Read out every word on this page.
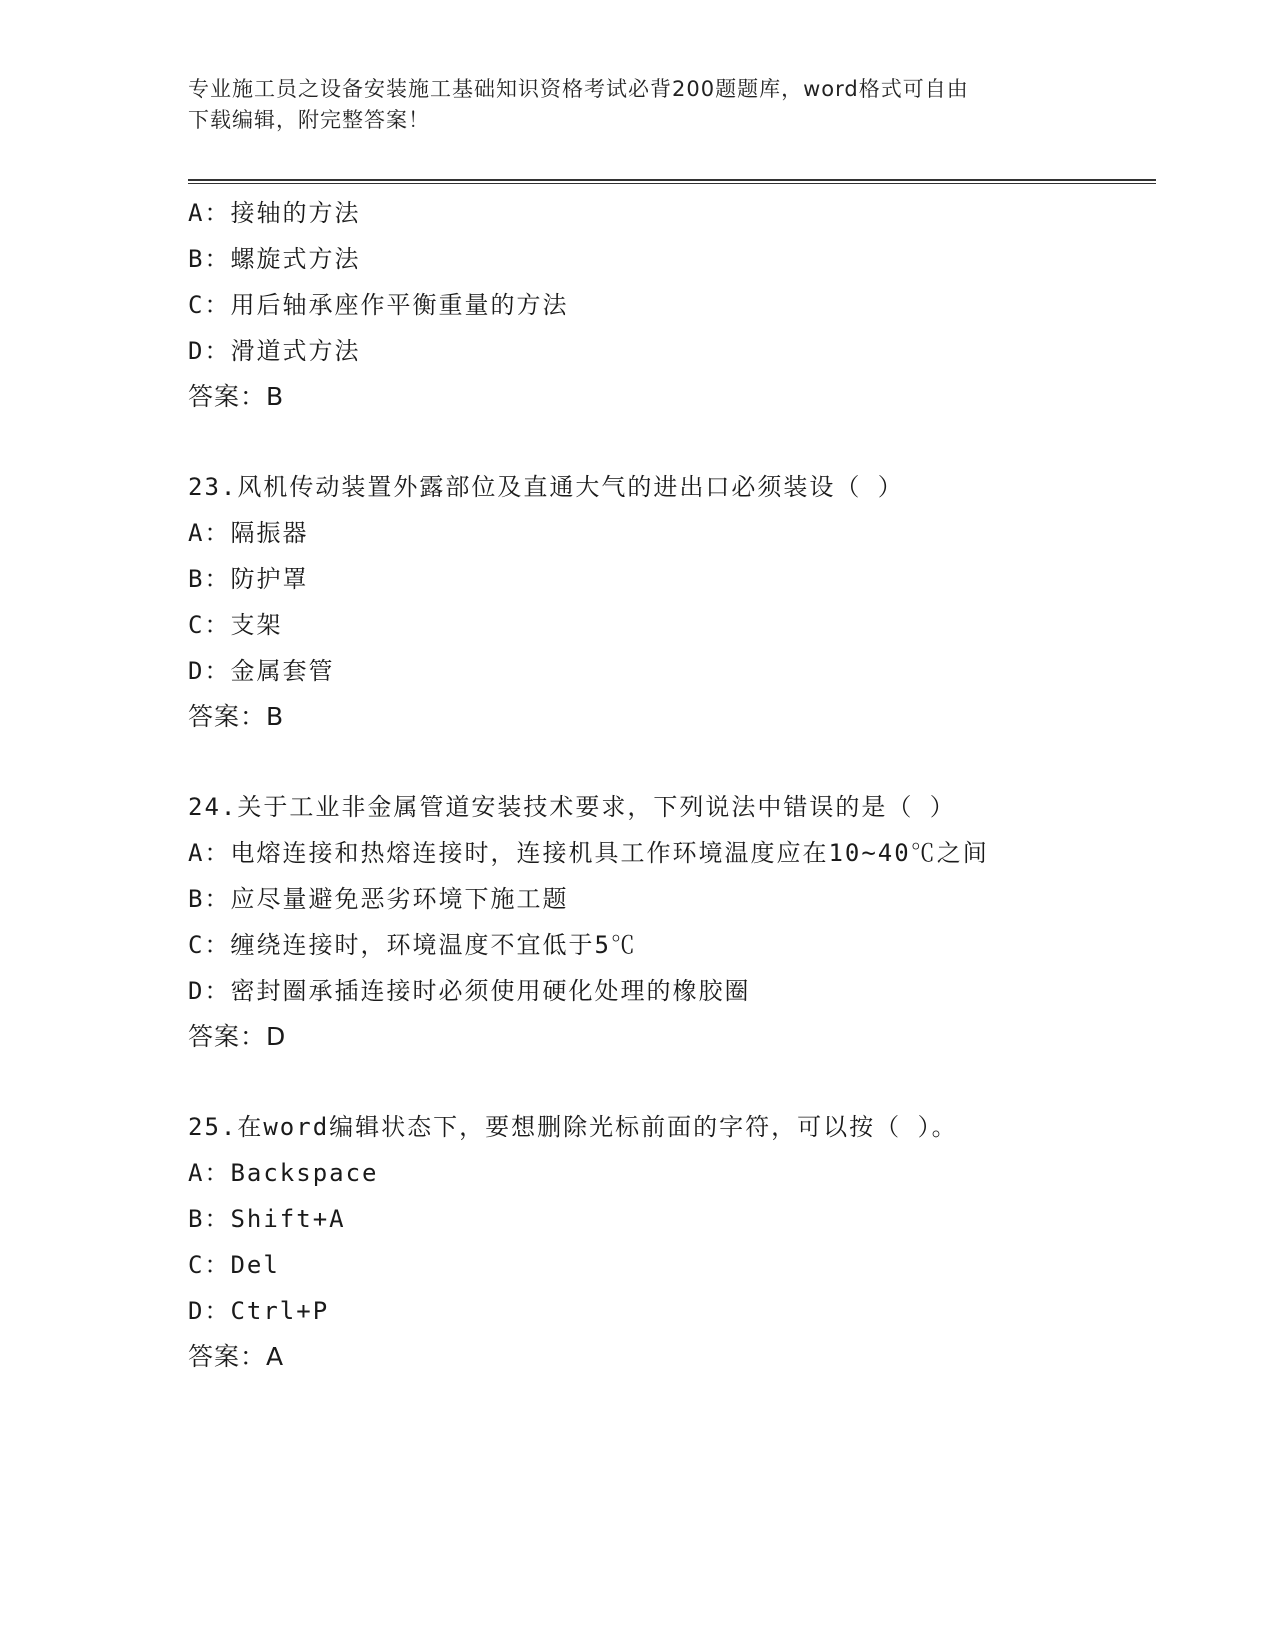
专业施工员之设备安装施工基础知识资格考试必背200题题库，word格式可自由
下载编辑，附完整答案！
A：接轴的方法
B：螺旋式方法
C：用后轴承座作平衡重量的方法
D：滑道式方法
答案：B
23.风机传动装置外露部位及直通大气的进出口必须装设（ ）
A：隔振器
B：防护罩
C：支架
D：金属套管
答案：B
24.关于工业非金属管道安装技术要求，下列说法中错误的是（ ）
A：电熔连接和热熔连接时，连接机具工作环境温度应在10~40℃之间
B：应尽量避免恶劣环境下施工题
C：缠绕连接时，环境温度不宜低于5℃
D：密封圈承插连接时必须使用硬化处理的橡胶圈
答案：D
25.在word编辑状态下，要想删除光标前面的字符，可以按（ ）。
A：Backspace
B：Shift+A
C：Del
D：Ctrl+P
答案：A
